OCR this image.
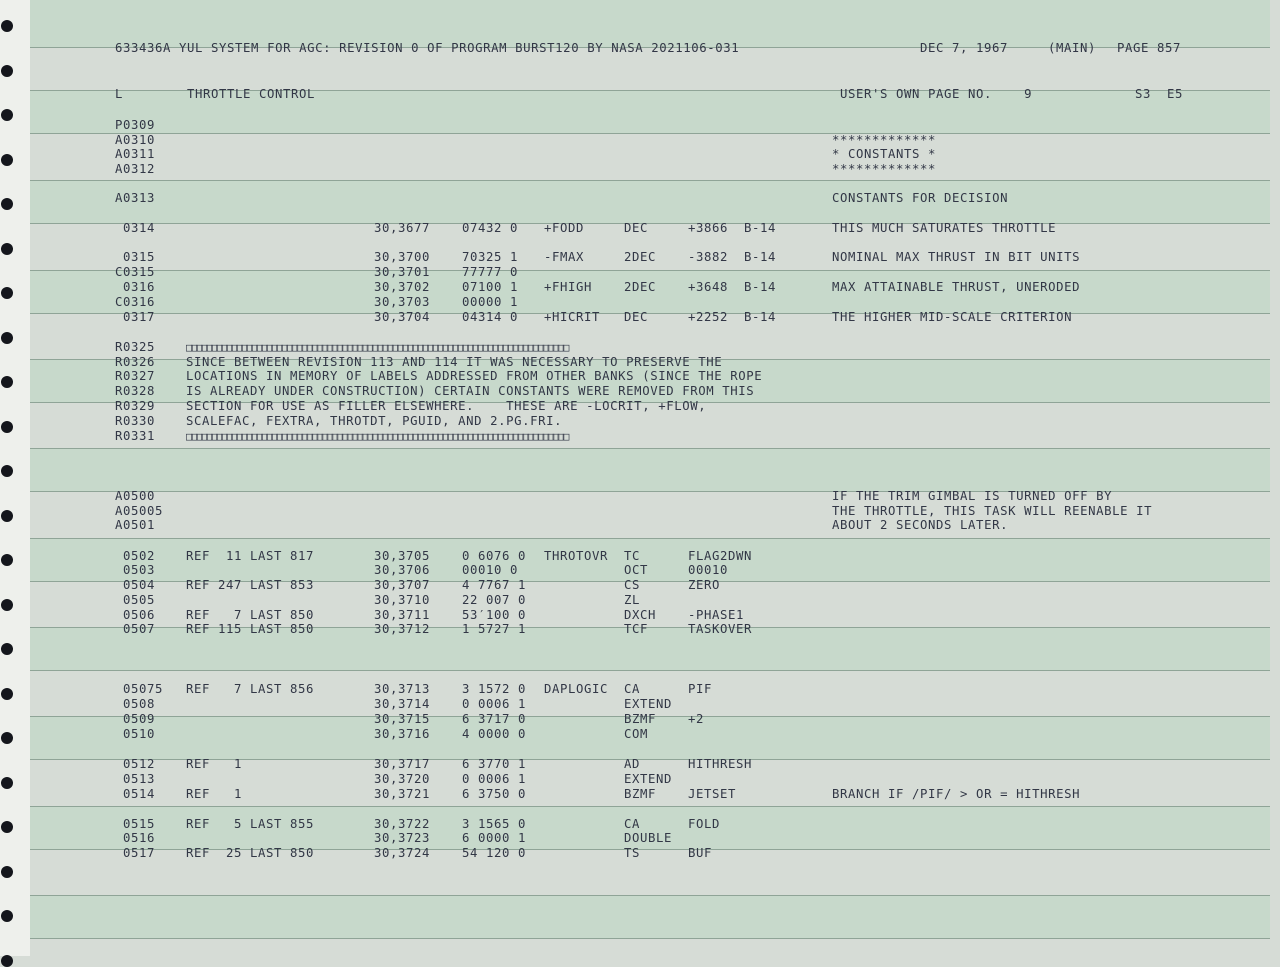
633436A YUL SYSTEM FOR AGC: REVISION 0 OF PROGRAM BURST120 BY NASA 2021106-031	DEC 7, 1967	(MAIN) PAGE 857
L	THROTTLE CONTROL	USER'S OWN PAGE NO.    9	S3  E5
P0309
A0310	*************
A0311	* CONSTANTS *
A0312	*************
A0313	CONSTANTS FOR DECISION
0314	30,3677	07432 0 +FODD	DEC	+3866  B-14	THIS MUCH SATURATES THROTTLE
0315	30,3700	70325 1 -FMAX	2DEC	-3882  B-14	NOMINAL MAX THRUST IN BIT UNITS
C0315	30,3701	77777 0
0316	30,3702	07100 1 +FHIGH	2DEC	+3648  B-14	MAX ATTAINABLE THRUST, UNERODED
C0316	30,3703	00000 1
0317	30,3704	04314 0 +HICRIT DEC	+2252  B-14	THE HIGHER MID-SCALE CRITERION
R0325	□□□□□□□□□□□□□□□□□□□□□□□□□□□□□□□□□□□□□□□□□□□□□□□□□□□□□□□□□□□□□□□□□□□□□□□□□□□□
R0326	SINCE BETWEEN REVISION 113 AND 114 IT WAS NECESSARY TO PRESERVE THE
R0327	LOCATIONS IN MEMORY OF LABELS ADDRESSED FROM OTHER BANKS (SINCE THE ROPE
R0328	IS ALREADY UNDER CONSTRUCTION) CERTAIN CONSTANTS WERE REMOVED FROM THIS
R0329	SECTION FOR USE AS FILLER ELSEWHERE.    THESE ARE -LOCRIT, +FLOW,
R0330	SCALEFAC, FEXTRA, THROTDT, PGUID, AND 2.PG.FRI.
R0331	□□□□□□□□□□□□□□□□□□□□□□□□□□□□□□□□□□□□□□□□□□□□□□□□□□□□□□□□□□□□□□□□□□□□□□□□□□□□
A0500	IF THE TRIM GIMBAL IS TURNED OFF BY
A05005	THE THROTTLE, THIS TASK WILL REENABLE IT
A0501	ABOUT 2 SECONDS LATER.
0502	REF  11 LAST 817	30,3705	0 6076 0 THROTOVR TC	FLAG2DWN
0503	30,3706	00010 0	OCT	00010
0504	REF 247 LAST 853	30,3707	4 7767 1	CS	ZERO
0505	30,3710	22 007 0	ZL
0506	REF   7 LAST 850	30,3711	53′100 0	DXCH	-PHASE1
0507	REF 115 LAST 850	30,3712	1 5727 1	TCF	TASKOVER
05075 REF   7 LAST 856	30,3713	3 1572 0 DAPLOGIC CA	PIF
0508	30,3714	0 0006 1	EXTEND
0509	30,3715	6 3717 0	BZMF	+2
0510	30,3716	4 0000 0	COM
0512	REF   1	30,3717	6 3770 1	AD	HITHRESH
0513	30,3720	0 0006 1	EXTEND
0514	REF   1	30,3721	6 3750 0	BZMF	JETSET	BRANCH IF /PIF/ > OR = HITHRESH
0515	REF   5 LAST 855	30,3722	3 1565 0	CA	FOLD
0516	30,3723	6 0000 1	DOUBLE
0517	REF  25 LAST 850	30,3724	54 120 0	TS	BUF
